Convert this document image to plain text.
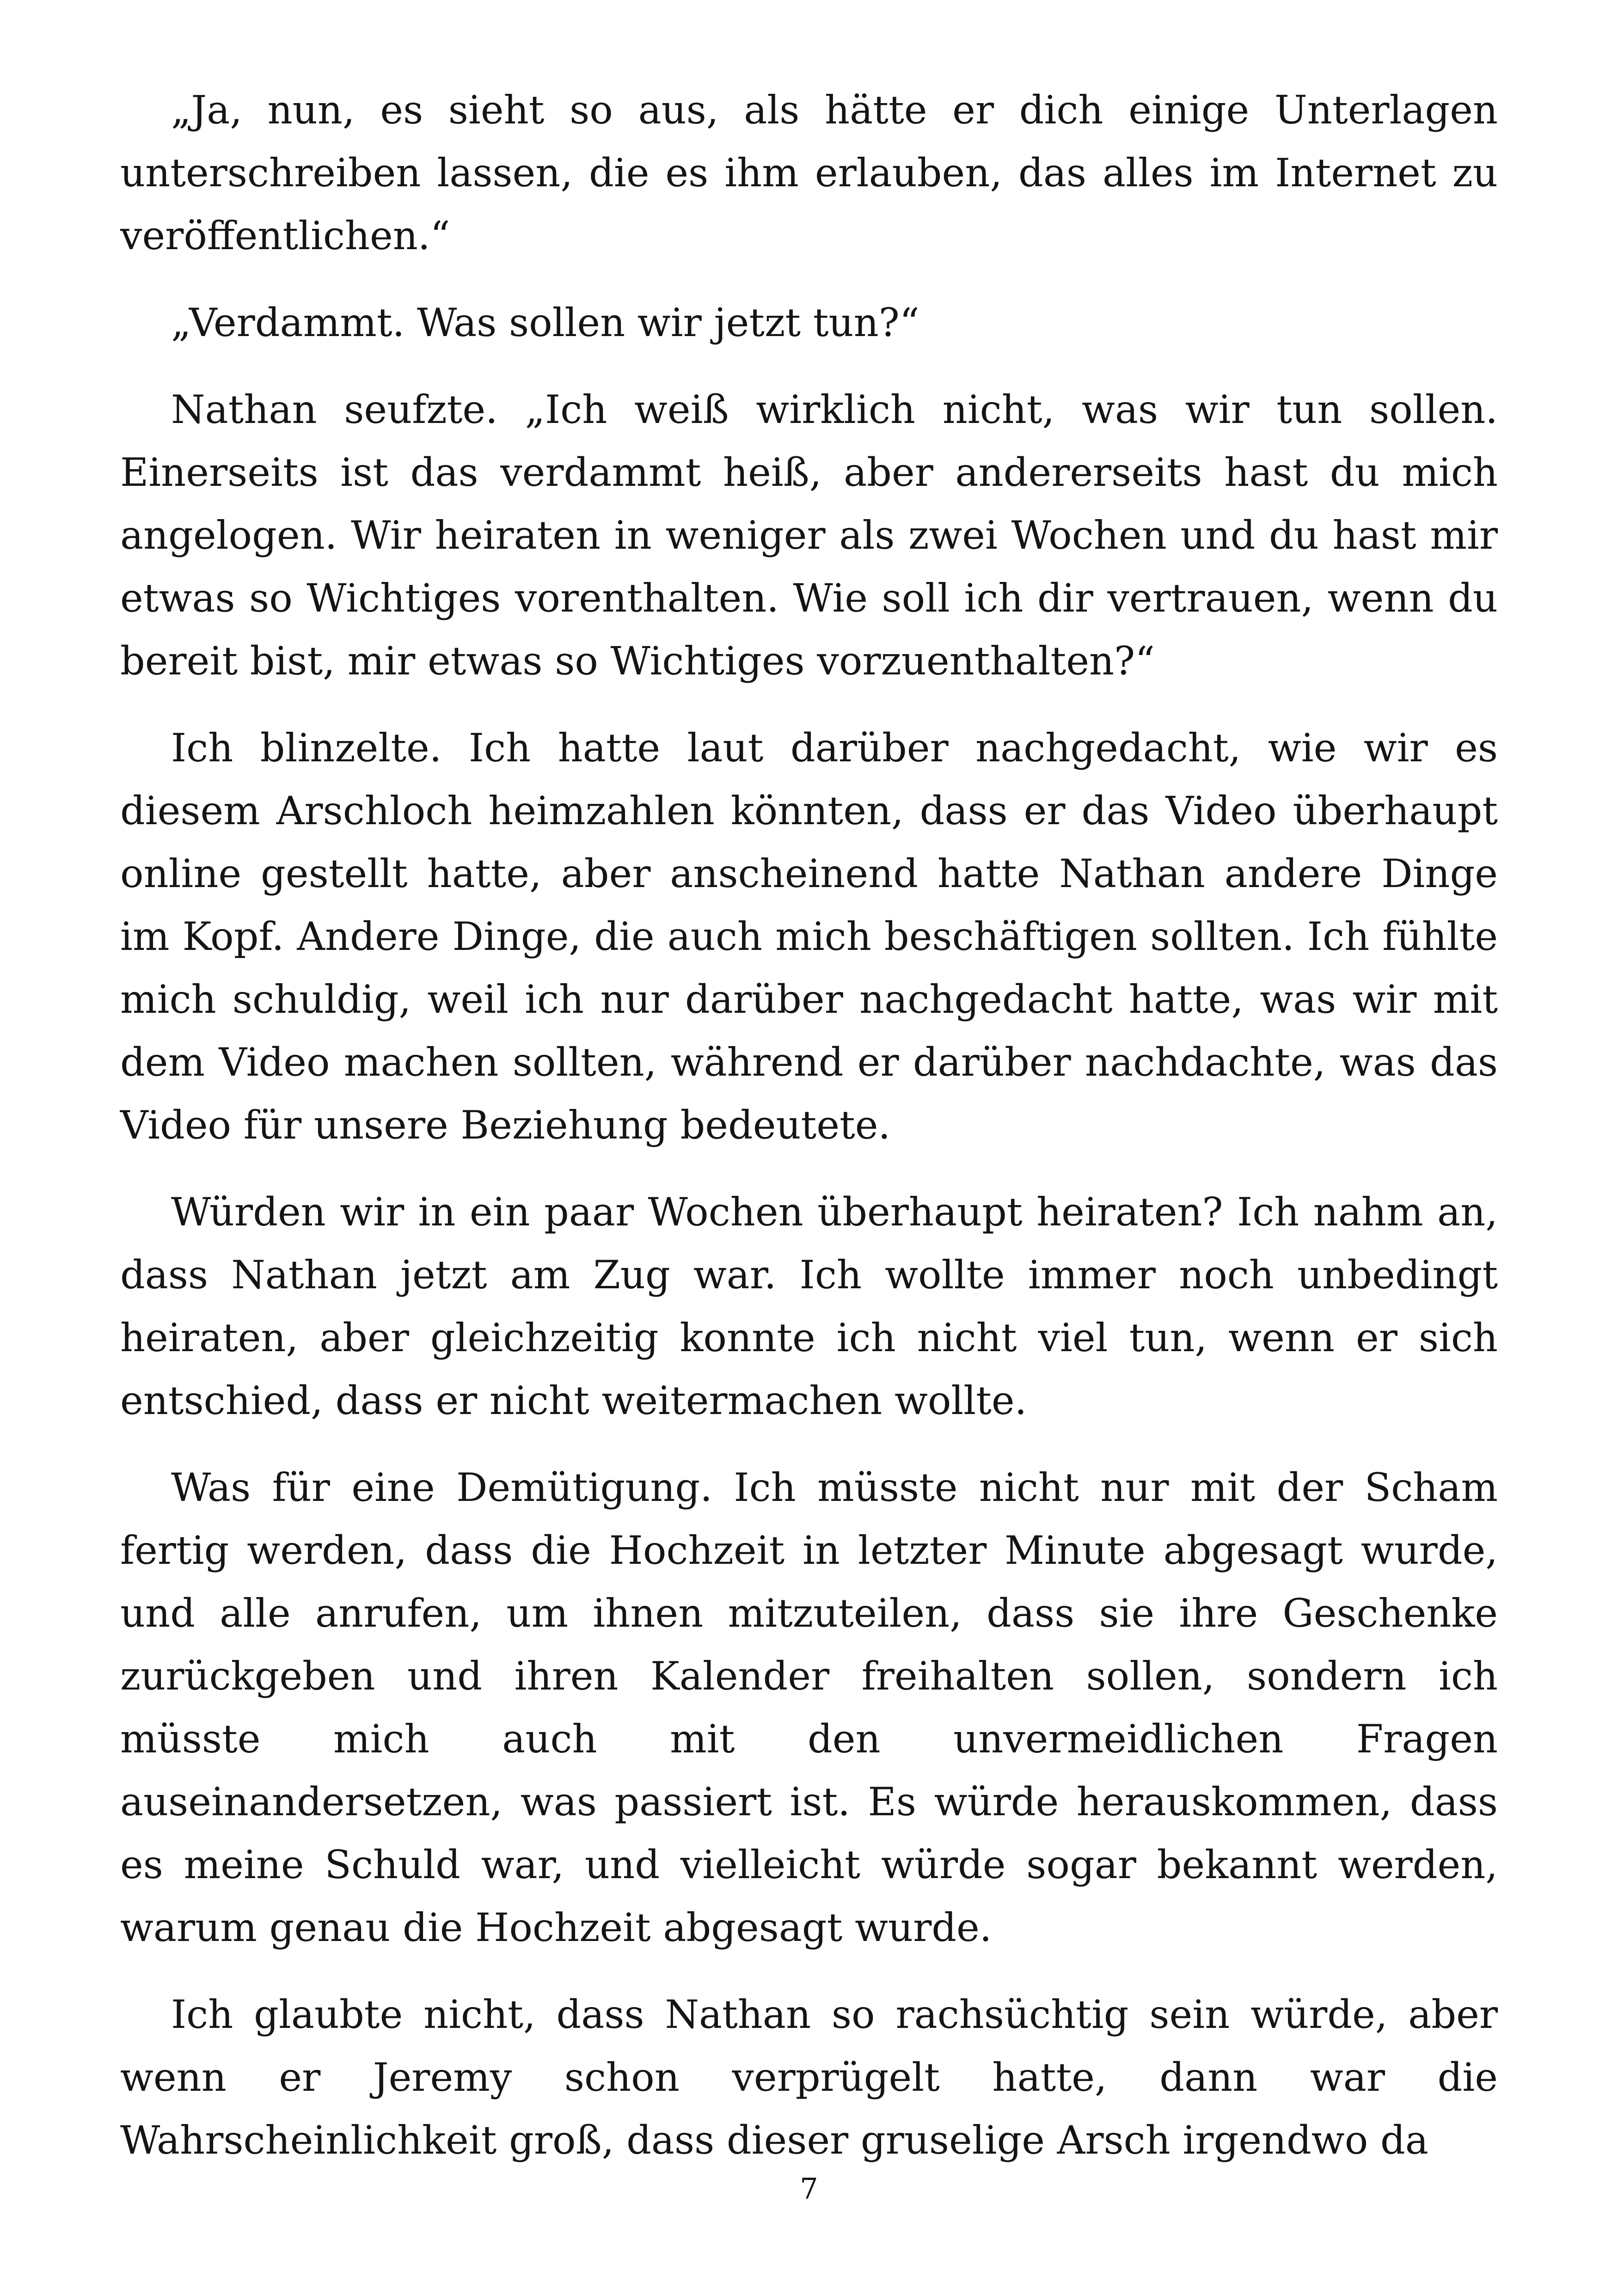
„Ja, nun, es sieht so aus, als hätte er dich einige Unterlagen unterschreiben lassen, die es ihm erlauben, das alles im Internet zu veröffentlichen.“

„Verdammt. Was sollen wir jetzt tun?“

Nathan seufzte. „Ich weiß wirklich nicht, was wir tun sollen. Einerseits ist das verdammt heiß, aber andererseits hast du mich angelogen. Wir heiraten in weniger als zwei Wochen und du hast mir etwas so Wichtiges vorenthalten. Wie soll ich dir vertrauen, wenn du bereit bist, mir etwas so Wichtiges vorzuenthalten?“

Ich blinzelte. Ich hatte laut darüber nachgedacht, wie wir es diesem Arschloch heimzahlen könnten, dass er das Video überhaupt online gestellt hatte, aber anscheinend hatte Nathan andere Dinge im Kopf. Andere Dinge, die auch mich beschäftigen sollten. Ich fühlte mich schuldig, weil ich nur darüber nachgedacht hatte, was wir mit dem Video machen sollten, während er darüber nachdachte, was das Video für unsere Beziehung bedeutete.

Würden wir in ein paar Wochen überhaupt heiraten? Ich nahm an, dass Nathan jetzt am Zug war. Ich wollte immer noch unbedingt heiraten, aber gleichzeitig konnte ich nicht viel tun, wenn er sich entschied, dass er nicht weitermachen wollte.

Was für eine Demütigung. Ich müsste nicht nur mit der Scham fertig werden, dass die Hochzeit in letzter Minute abgesagt wurde, und alle anrufen, um ihnen mitzuteilen, dass sie ihre Geschenke zurückgeben und ihren Kalender freihalten sollen, sondern ich müsste mich auch mit den unvermeidlichen Fragen auseinandersetzen, was passiert ist. Es würde herauskommen, dass es meine Schuld war, und vielleicht würde sogar bekannt werden, warum genau die Hochzeit abgesagt wurde.

Ich glaubte nicht, dass Nathan so rachsüchtig sein würde, aber wenn er Jeremy schon verprügelt hatte, dann war die Wahrscheinlichkeit groß, dass dieser gruselige Arsch irgendwo da

7
